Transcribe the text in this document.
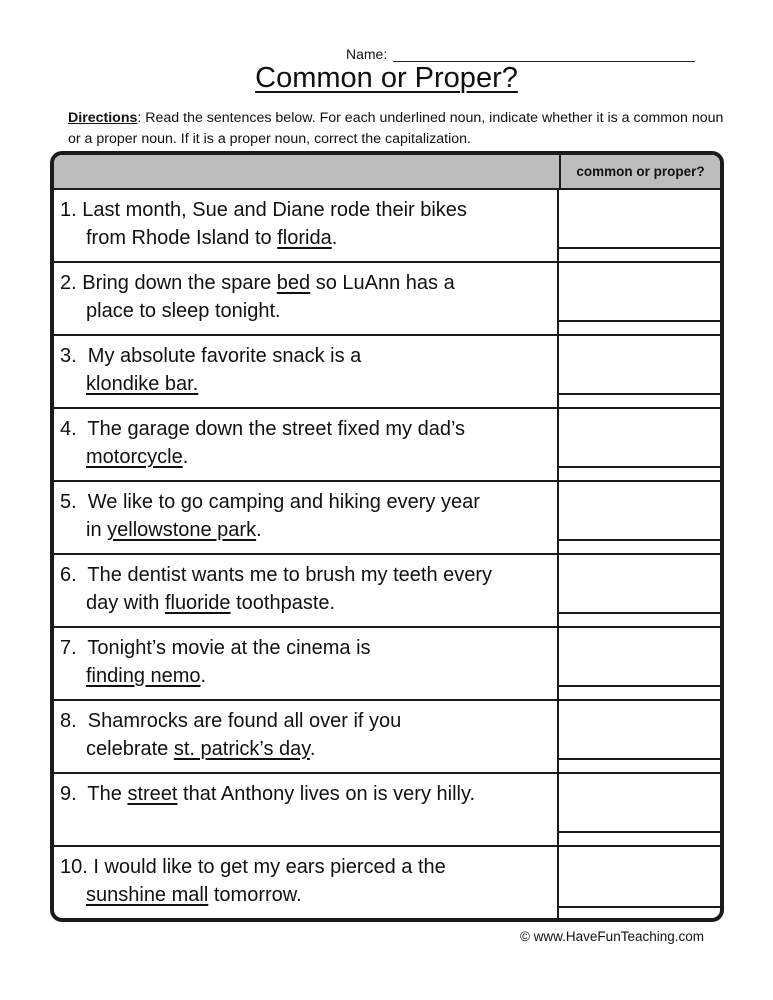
Name:
Common or Proper?
Directions: Read the sentences below. For each underlined noun, indicate whether it is a common noun or a proper noun. If it is a proper noun, correct the capitalization.
common or proper?
1. Last month, Sue and Diane rode their bikes
from Rhode Island to florida.
2. Bring down the spare bed so LuAnn has a
place to sleep tonight.
3.  My absolute favorite snack is a
klondike bar.
4.  The garage down the street fixed my dad’s
motorcycle.
5.  We like to go camping and hiking every year
in yellowstone park.
6.  The dentist wants me to brush my teeth every
day with fluoride toothpaste.
7.  Tonight’s movie at the cinema is
finding nemo.
8.  Shamrocks are found all over if you
celebrate st. patrick’s day.
9.  The street that Anthony lives on is very hilly.
10. I would like to get my ears pierced a the
sunshine mall tomorrow.
© www.HaveFunTeaching.com
